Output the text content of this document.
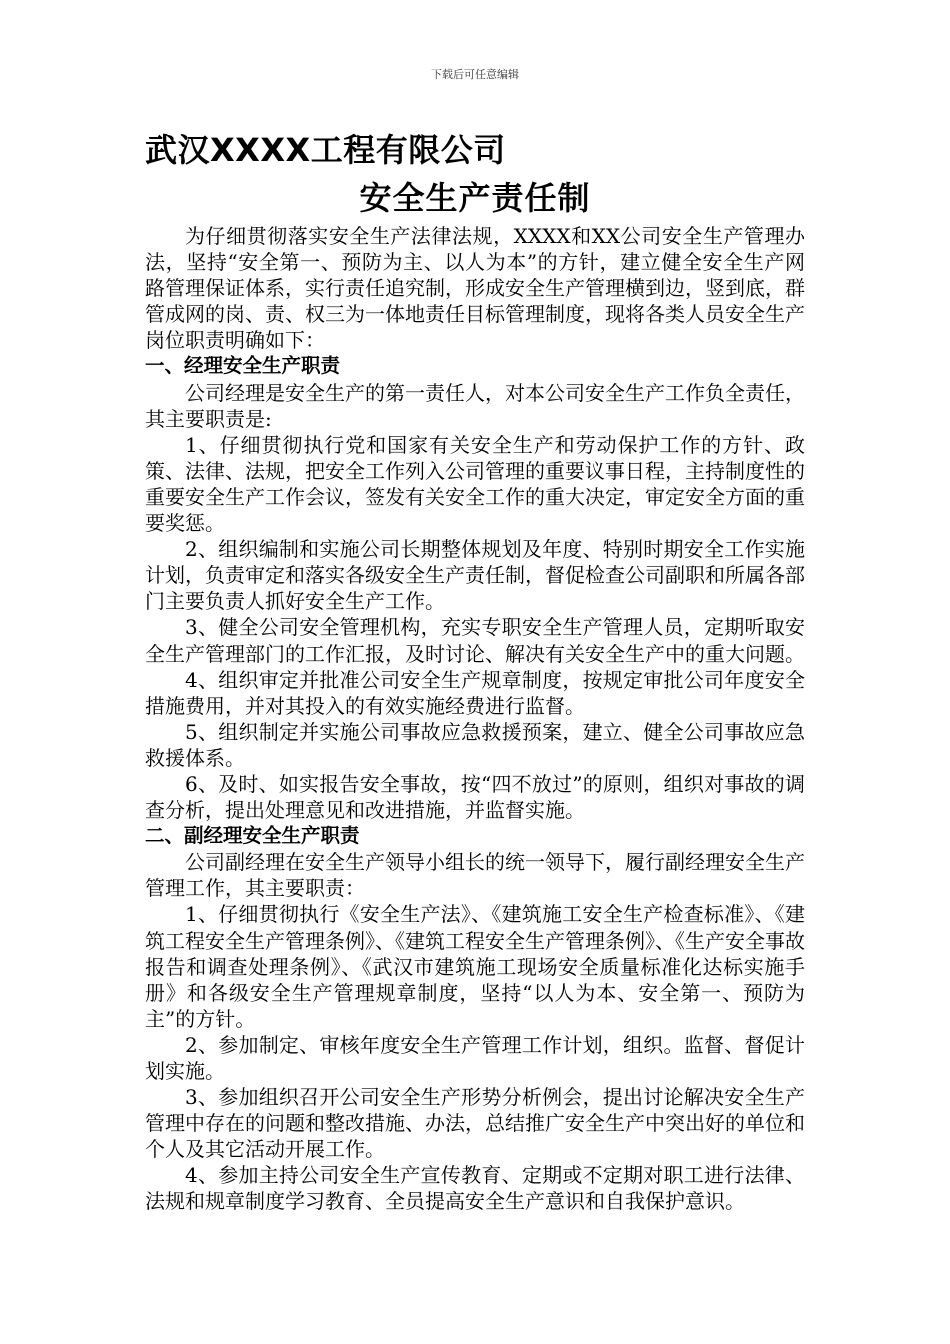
下载后可任意编辑
武汉XXXX工程有限公司
安全生产责任制

为仔细贯彻落实安全生产法律法规，XXXX和XX公司安全生产管理办法，坚持“安全第一、预防为主、以人为本”的方针，建立健全安全生产网路管理保证体系，实行责任追究制，形成安全生产管理横到边，竖到底，群管成网的岗、责、权三为一体地责任目标管理制度，现将各类人员安全生产岗位职责明确如下：

一、经理安全生产职责

公司经理是安全生产的第一责任人，对本公司安全生产工作负全责任，其主要职责是:

1、仔细贯彻执行党和国家有关安全生产和劳动保护工作的方针、政策、法律、法规，把安全工作列入公司管理的重要议事日程，主持制度性的重要安全生产工作会议，签发有关安全工作的重大决定，审定安全方面的重要奖惩。

2、组织编制和实施公司长期整体规划及年度、特别时期安全工作实施计划，负责审定和落实各级安全生产责任制，督促检查公司副职和所属各部门主要负责人抓好安全生产工作。

3、健全公司安全管理机构，充实专职安全生产管理人员，定期听取安全生产管理部门的工作汇报，及时讨论、解决有关安全生产中的重大问题。

4、组织审定并批准公司安全生产规章制度，按规定审批公司年度安全措施费用，并对其投入的有效实施经费进行监督。

5、组织制定并实施公司事故应急救援预案，建立、健全公司事故应急救援体系。

6、及时、如实报告安全事故，按“四不放过”的原则，组织对事故的调查分析，提出处理意见和改进措施，并监督实施。

二、副经理安全生产职责

公司副经理在安全生产领导小组长的统一领导下，履行副经理安全生产管理工作，其主要职责：

1、仔细贯彻执行《安全生产法》、《建筑施工安全生产检查标准》、《建筑工程安全生产管理条例》、《建筑工程安全生产管理条例》、《生产安全事故报告和调查处理条例》、《武汉市建筑施工现场安全质量标准化达标实施手册》和各级安全生产管理规章制度，坚持“以人为本、安全第一、预防为主”的方针。

2、参加制定、审核年度安全生产管理工作计划，组织。监督、督促计划实施。

3、参加组织召开公司安全生产形势分析例会，提出讨论解决安全生产管理中存在的问题和整改措施、办法，总结推广安全生产中突出好的单位和个人及其它活动开展工作。

4、参加主持公司安全生产宣传教育、定期或不定期对职工进行法律、法规和规章制度学习教育、全员提高安全生产意识和自我保护意识。
